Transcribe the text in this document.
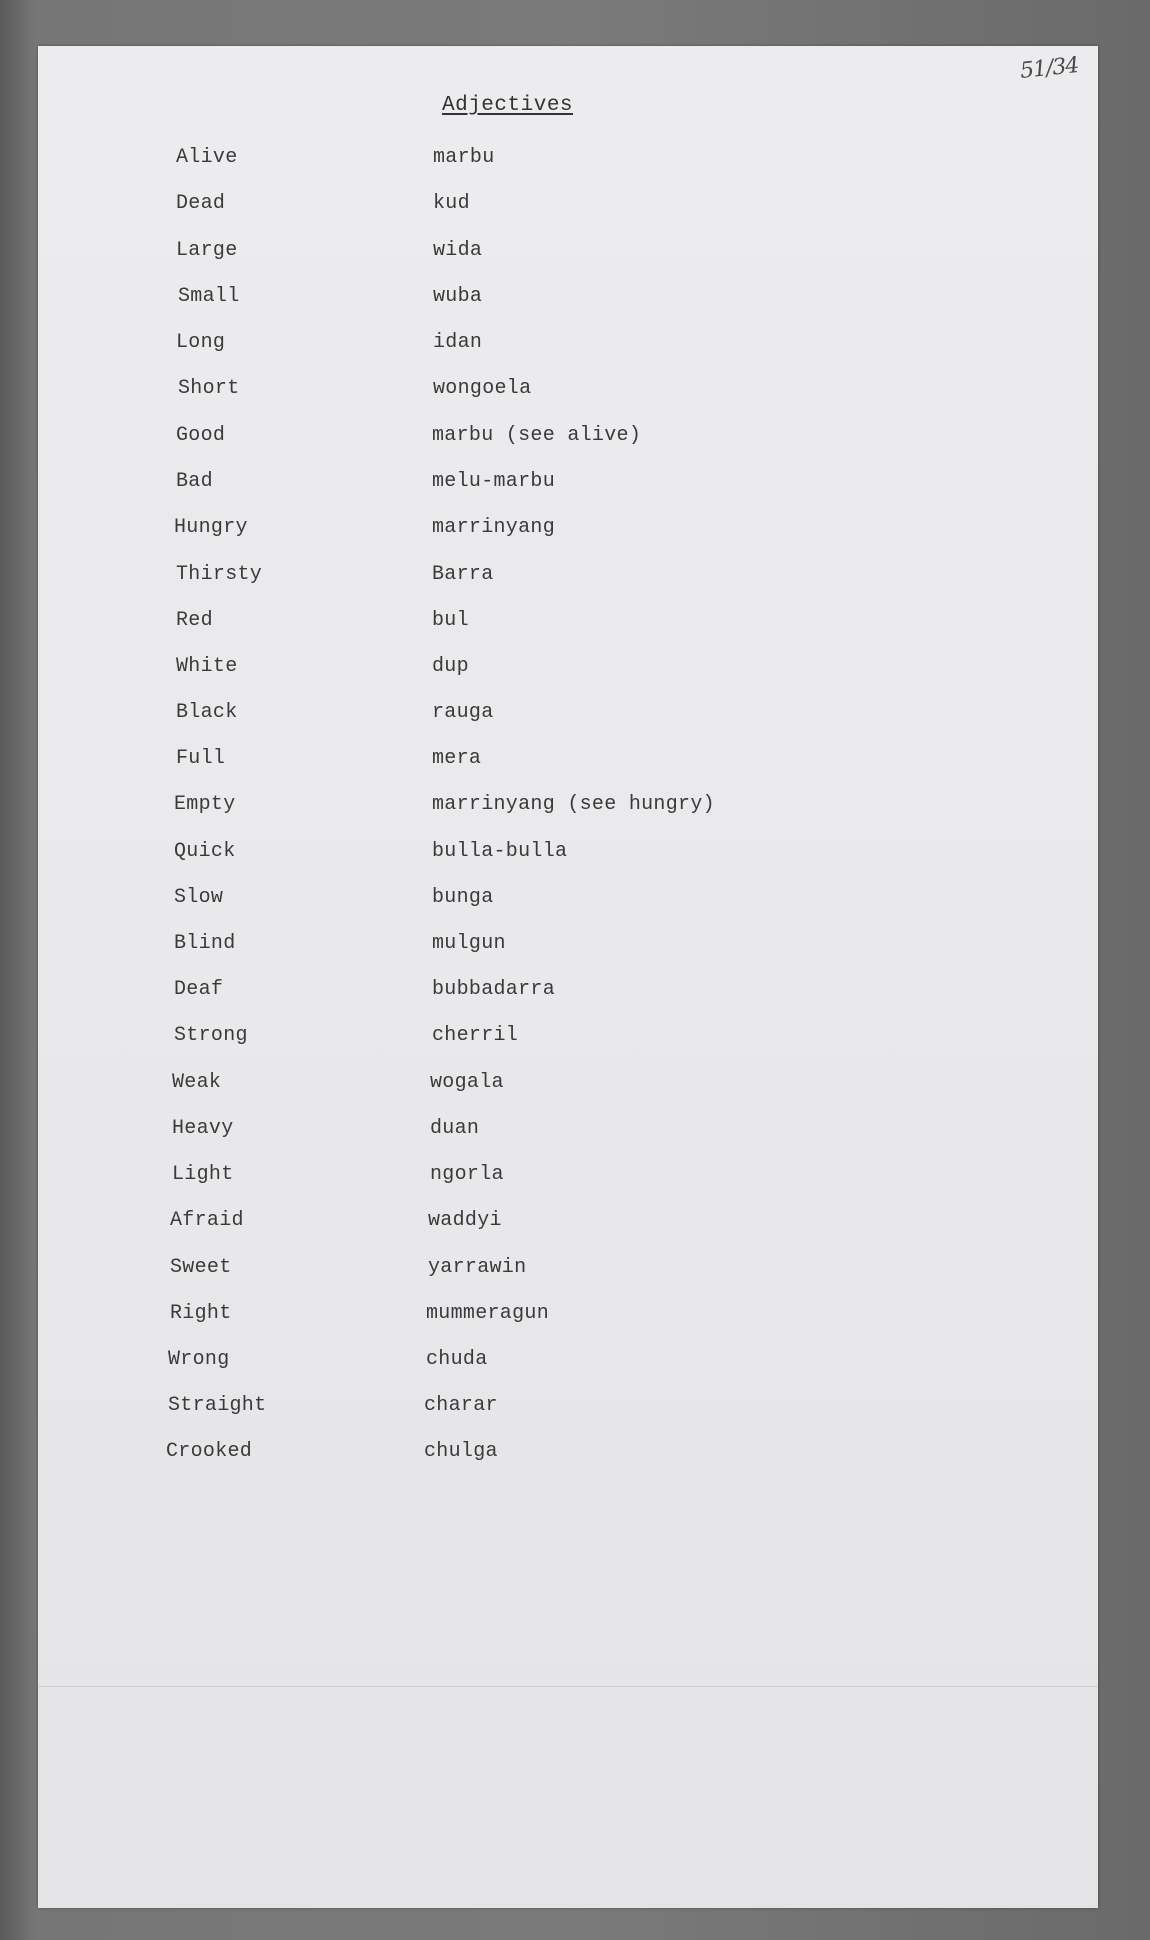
51/34
Adjectives
Alive	marbu
Dead	kud
Large	wida
Small	wuba
Long	idan
Short	wongoela
Good	marbu (see alive)
Bad	melu-marbu
Hungry	marrinyang
Thirsty	Barra
Red	bul
White	dup
Black	rauga
Full	mera
Empty	marrinyang (see hungry)
Quick	bulla-bulla
Slow	bunga
Blind	mulgun
Deaf	bubbadarra
Strong	cherril
Weak	wogala
Heavy	duan
Light	ngorla
Afraid	waddyi
Sweet	yarrawin
Right	mummeragun
Wrong	chuda
Straight	charar
Crooked	chulga
